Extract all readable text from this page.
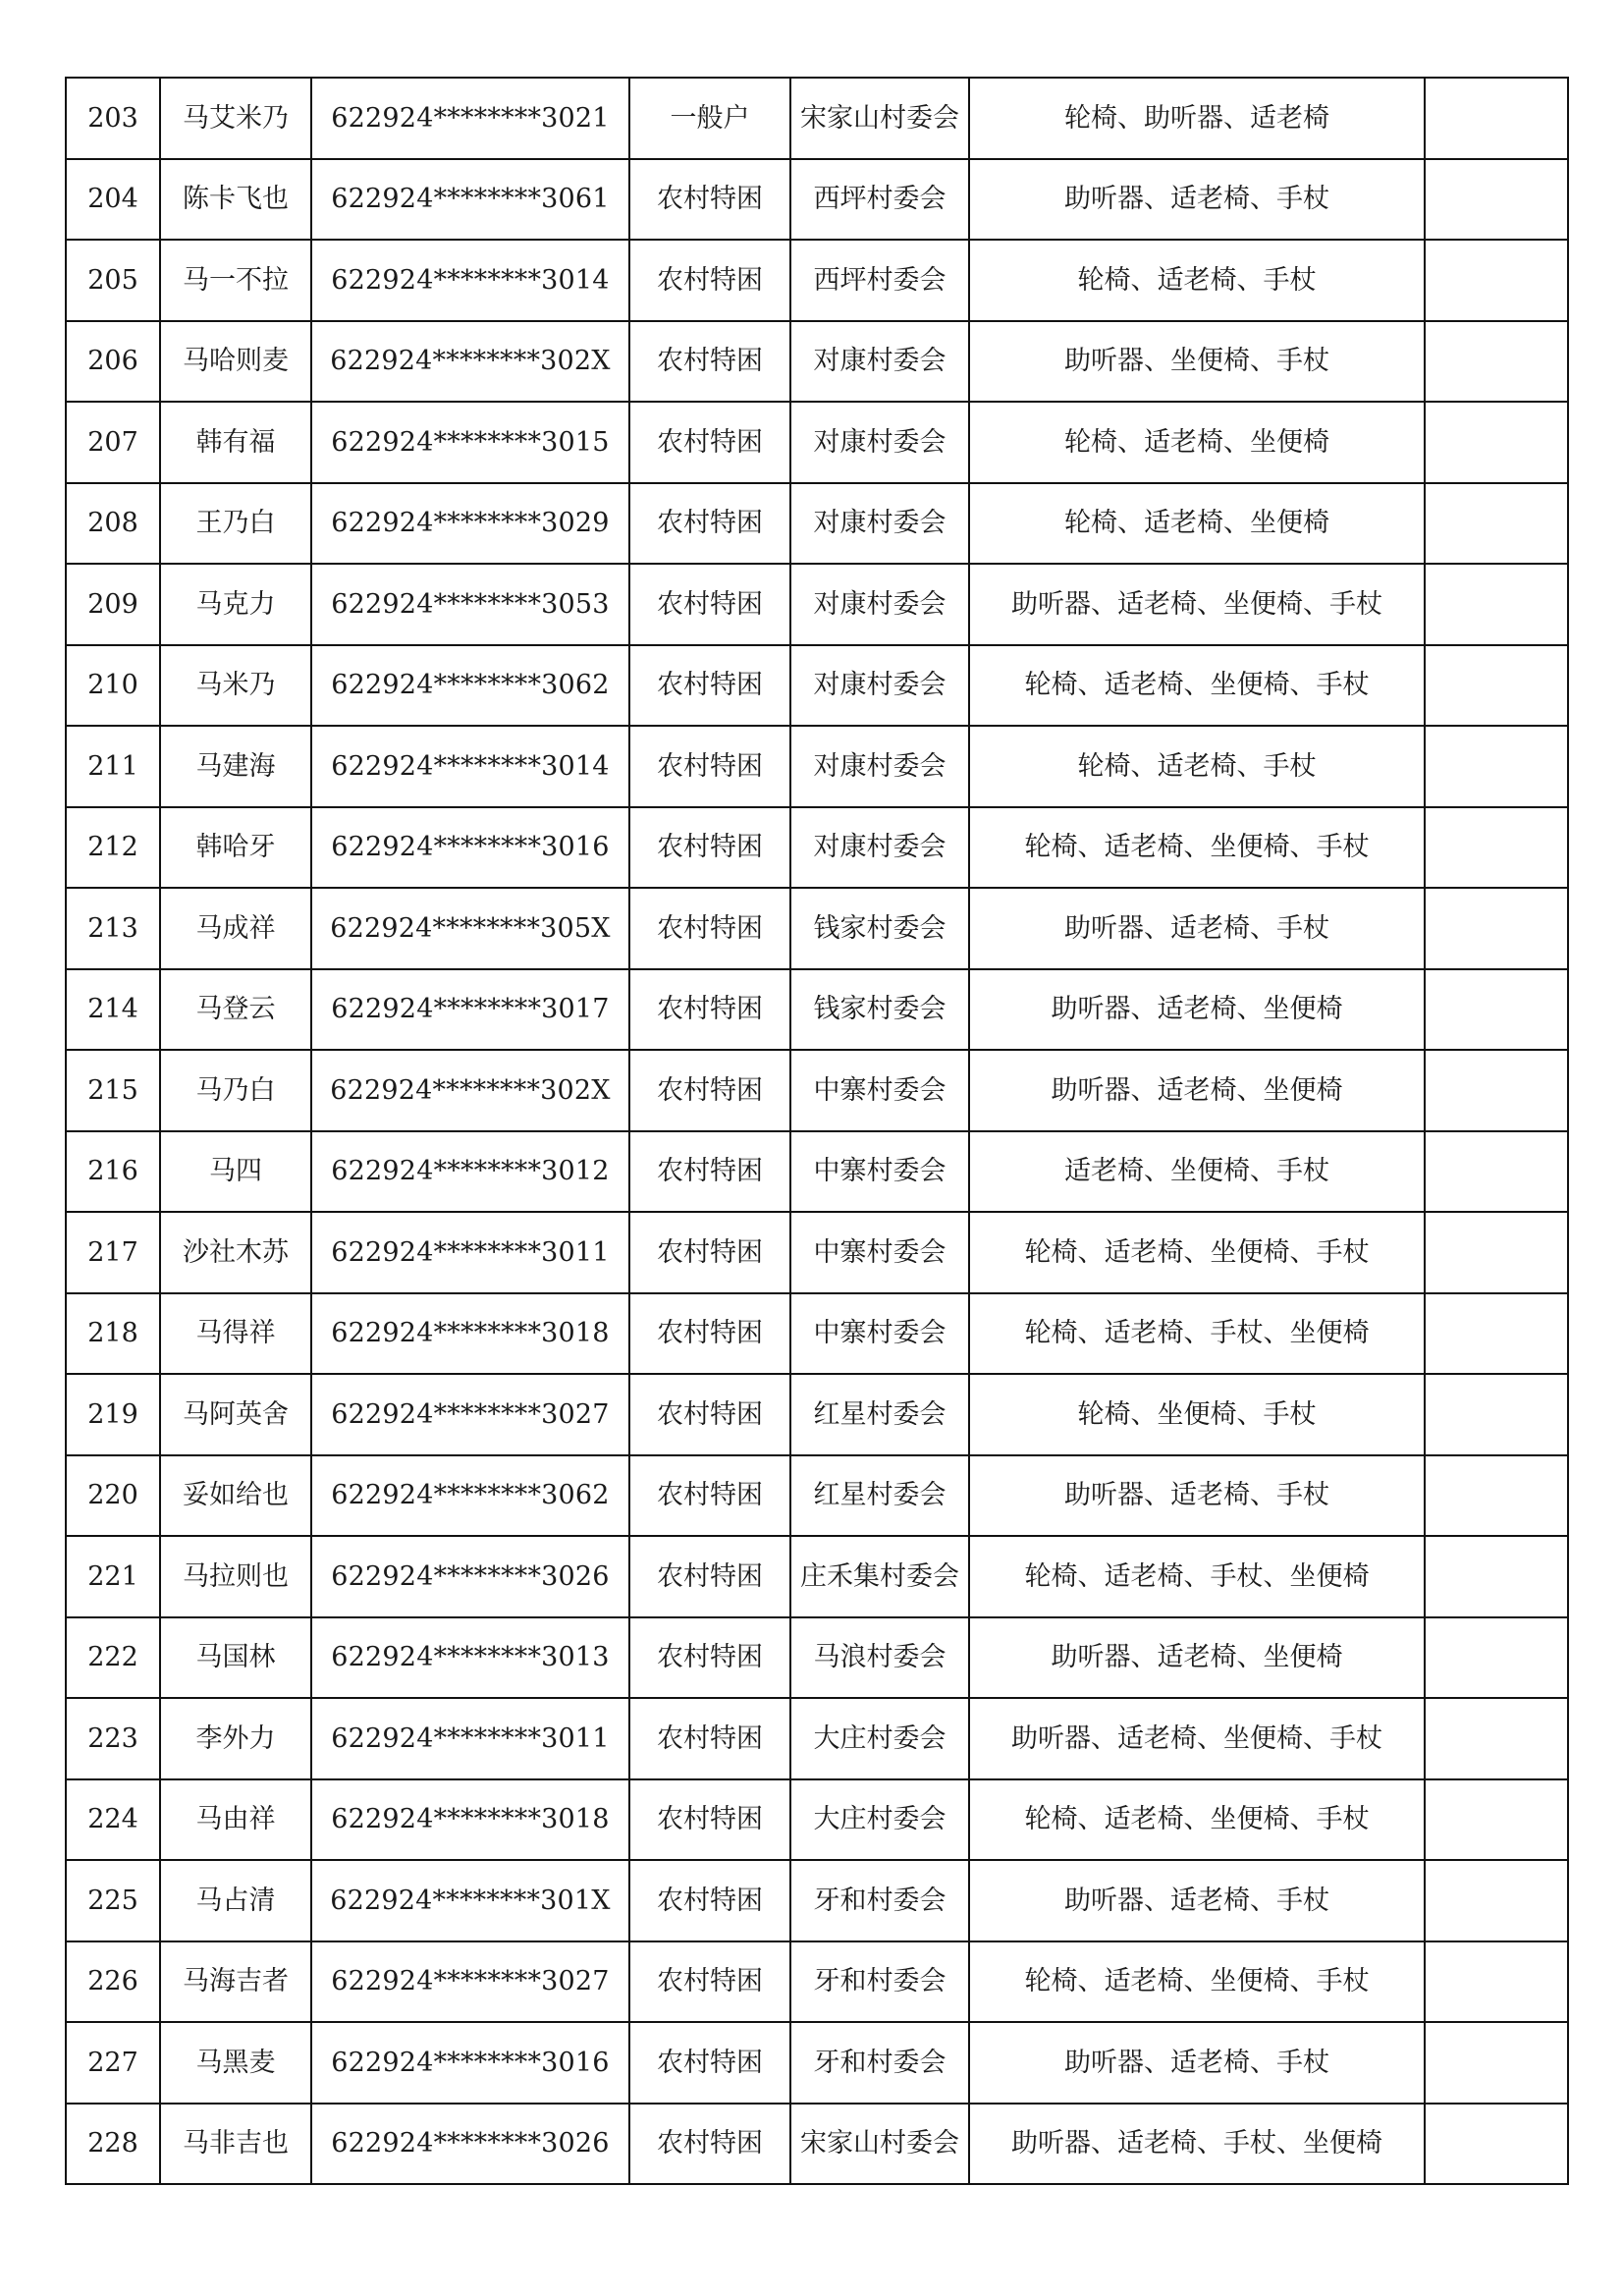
203	马艾米乃	622924********3021	一般户	宋家山村委会	轮椅、助听器、适老椅	
204	陈卡飞也	622924********3061	农村特困	西坪村委会	助听器、适老椅、手杖	
205	马一不拉	622924********3014	农村特困	西坪村委会	轮椅、适老椅、手杖	
206	马哈则麦	622924********302X	农村特困	对康村委会	助听器、坐便椅、手杖	
207	韩有福	622924********3015	农村特困	对康村委会	轮椅、适老椅、坐便椅	
208	王乃白	622924********3029	农村特困	对康村委会	轮椅、适老椅、坐便椅	
209	马克力	622924********3053	农村特困	对康村委会	助听器、适老椅、坐便椅、手杖	
210	马米乃	622924********3062	农村特困	对康村委会	轮椅、适老椅、坐便椅、手杖	
211	马建海	622924********3014	农村特困	对康村委会	轮椅、适老椅、手杖	
212	韩哈牙	622924********3016	农村特困	对康村委会	轮椅、适老椅、坐便椅、手杖	
213	马成祥	622924********305X	农村特困	钱家村委会	助听器、适老椅、手杖	
214	马登云	622924********3017	农村特困	钱家村委会	助听器、适老椅、坐便椅	
215	马乃白	622924********302X	农村特困	中寨村委会	助听器、适老椅、坐便椅	
216	马四	622924********3012	农村特困	中寨村委会	适老椅、坐便椅、手杖	
217	沙社木苏	622924********3011	农村特困	中寨村委会	轮椅、适老椅、坐便椅、手杖	
218	马得祥	622924********3018	农村特困	中寨村委会	轮椅、适老椅、手杖、坐便椅	
219	马阿英舍	622924********3027	农村特困	红星村委会	轮椅、坐便椅、手杖	
220	妥如给也	622924********3062	农村特困	红星村委会	助听器、适老椅、手杖	
221	马拉则也	622924********3026	农村特困	庄禾集村委会	轮椅、适老椅、手杖、坐便椅	
222	马国林	622924********3013	农村特困	马浪村委会	助听器、适老椅、坐便椅	
223	李外力	622924********3011	农村特困	大庄村委会	助听器、适老椅、坐便椅、手杖	
224	马由祥	622924********3018	农村特困	大庄村委会	轮椅、适老椅、坐便椅、手杖	
225	马占清	622924********301X	农村特困	牙和村委会	助听器、适老椅、手杖	
226	马海吉者	622924********3027	农村特困	牙和村委会	轮椅、适老椅、坐便椅、手杖	
227	马黑麦	622924********3016	农村特困	牙和村委会	助听器、适老椅、手杖	
228	马非吉也	622924********3026	农村特困	宋家山村委会	助听器、适老椅、手杖、坐便椅	
